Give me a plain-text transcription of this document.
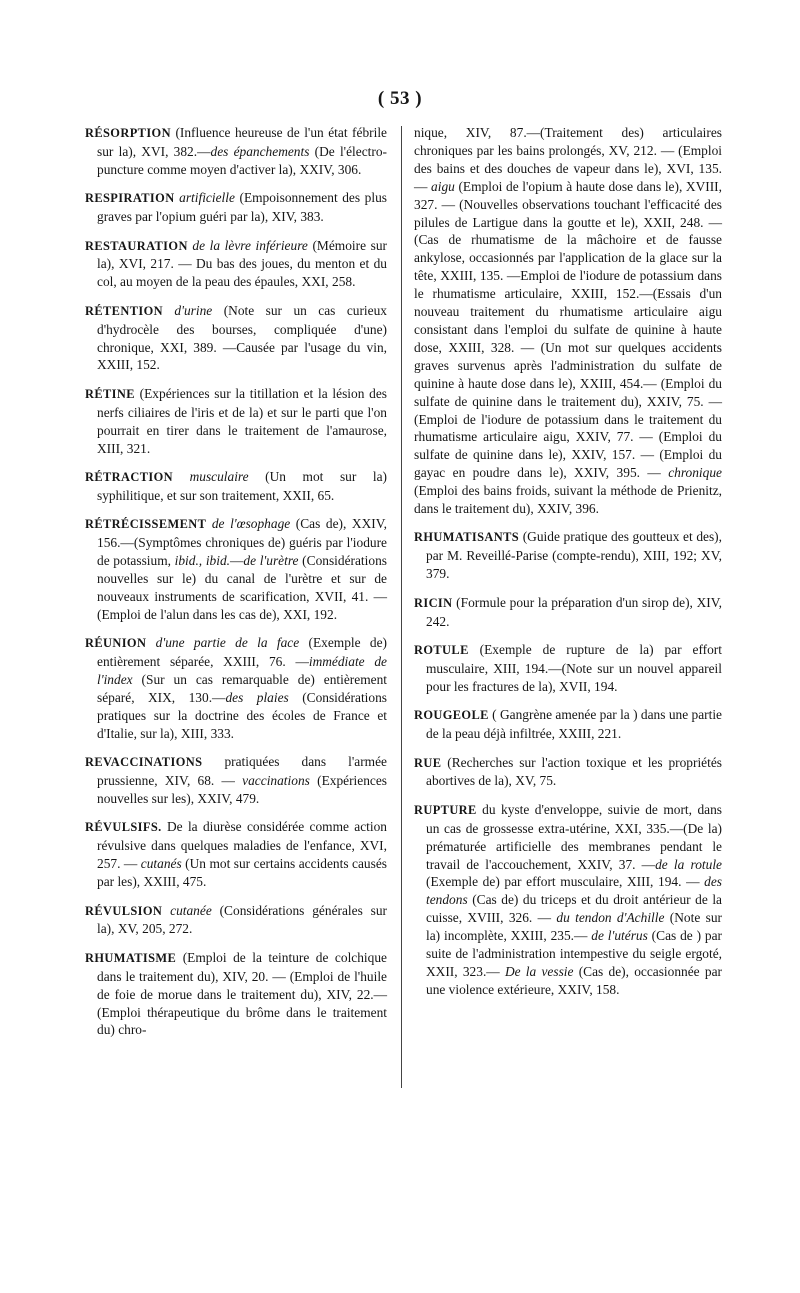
( 53 )

RÉSORPTION (Influence heureuse de l'un état fébrile sur la), XVI, 382.—des épanchements (De l'électro-puncture comme moyen d'activer la), XXIV, 306.

RESPIRATION artificielle (Empoisonnement des plus graves par l'opium guéri par la), XIV, 383.

RESTAURATION de la lèvre inférieure (Mémoire sur la), XVI, 217. — Du bas des joues, du menton et du col, au moyen de la peau des épaules, XXI, 258.

RÉTENTION d'urine (Note sur un cas curieux d'hydrocèle des bourses, compliquée d'une) chronique, XXI, 389. —Causée par l'usage du vin, XXIII, 152.

RÉTINE (Expériences sur la titillation et la lésion des nerfs ciliaires de l'iris et de la) et sur le parti que l'on pourrait en tirer dans le traitement de l'amaurose, XIII, 321.

RÉTRACTION musculaire (Un mot sur la) syphilitique, et sur son traitement, XXII, 65.

RÉTRÉCISSEMENT de l'œsophage (Cas de), XXIV, 156.—(Symptômes chroniques de) guéris par l'iodure de potassium, ibid., ibid.—de l'urètre (Considérations nouvelles sur le) du canal de l'urètre et sur de nouveaux instruments de scarification, XVII, 41. — (Emploi de l'alun dans les cas de), XXI, 192.

RÉUNION d'une partie de la face (Exemple de) entièrement séparée, XXIII, 76. —immédiate de l'index (Sur un cas remarquable de) entièrement séparé, XIX, 130.—des plaies (Considérations pratiques sur la doctrine des écoles de France et d'Italie, sur la), XIII, 333.

REVACCINATIONS pratiquées dans l'armée prussienne, XIV, 68. — vaccinations (Expériences nouvelles sur les), XXIV, 479.

RÉVULSIFS. De la diurèse considérée comme action révulsive dans quelques maladies de l'enfance, XVI, 257. — cutanés (Un mot sur certains accidents causés par les), XXIII, 475.

RÉVULSION cutanée (Considérations générales sur la), XV, 205, 272.

RHUMATISME (Emploi de la teinture de colchique dans le traitement du), XIV, 20. — (Emploi de l'huile de foie de morue dans le traitement du), XIV, 22.— (Emploi thérapeutique du brôme dans le traitement du) chro-

nique, XIV, 87.—(Traitement des) articulaires chroniques par les bains prolongés, XV, 212. — (Emploi des bains et des douches de vapeur dans le), XVI, 135. — aigu (Emploi de l'opium à haute dose dans le), XVIII, 327. — (Nouvelles observations touchant l'efficacité des pilules de Lartigue dans la goutte et le), XXII, 248. — (Cas de rhumatisme de la mâchoire et de fausse ankylose, occasionnés par l'application de la glace sur la tête, XXIII, 135. —Emploi de l'iodure de potassium dans le rhumatisme articulaire, XXIII, 152.—(Essais d'un nouveau traitement du rhumatisme articulaire aigu consistant dans l'emploi du sulfate de quinine à haute dose, XXIII, 328. — (Un mot sur quelques accidents graves survenus après l'administration du sulfate de quinine à haute dose dans le), XXIII, 454.— (Emploi du sulfate de quinine dans le traitement du), XXIV, 75. — (Emploi de l'iodure de potassium dans le traitement du rhumatisme articulaire aigu, XXIV, 77. — (Emploi du sulfate de quinine dans le), XXIV, 157. — (Emploi du gayac en poudre dans le), XXIV, 395. — chronique (Emploi des bains froids, suivant la méthode de Prienitz, dans le traitement du), XXIV, 396.

RHUMATISANTS (Guide pratique des goutteux et des), par M. Reveillé-Parise (compte-rendu), XIII, 192; XV, 379.

RICIN (Formule pour la préparation d'un sirop de), XIV, 242.

ROTULE (Exemple de rupture de la) par effort musculaire, XIII, 194.—(Note sur un nouvel appareil pour les fractures de la), XVII, 194.

ROUGEOLE ( Gangrène amenée par la ) dans une partie de la peau déjà infiltrée, XXIII, 221.

RUE (Recherches sur l'action toxique et les propriétés abortives de la), XV, 75.

RUPTURE du kyste d'enveloppe, suivie de mort, dans un cas de grossesse extra-utérine, XXI, 335.—(De la) prématurée artificielle des membranes pendant le travail de l'accouchement, XXIV, 37. —de la rotule (Exemple de) par effort musculaire, XIII, 194. — des tendons (Cas de) du triceps et du droit antérieur de la cuisse, XVIII, 326. — du tendon d'Achille (Note sur la) incomplète, XXIII, 235.— de l'utérus (Cas de ) par suite de l'administration intempestive du seigle ergoté, XXII, 323.— De la vessie (Cas de), occasionnée par une violence extérieure, XXIV, 158.
